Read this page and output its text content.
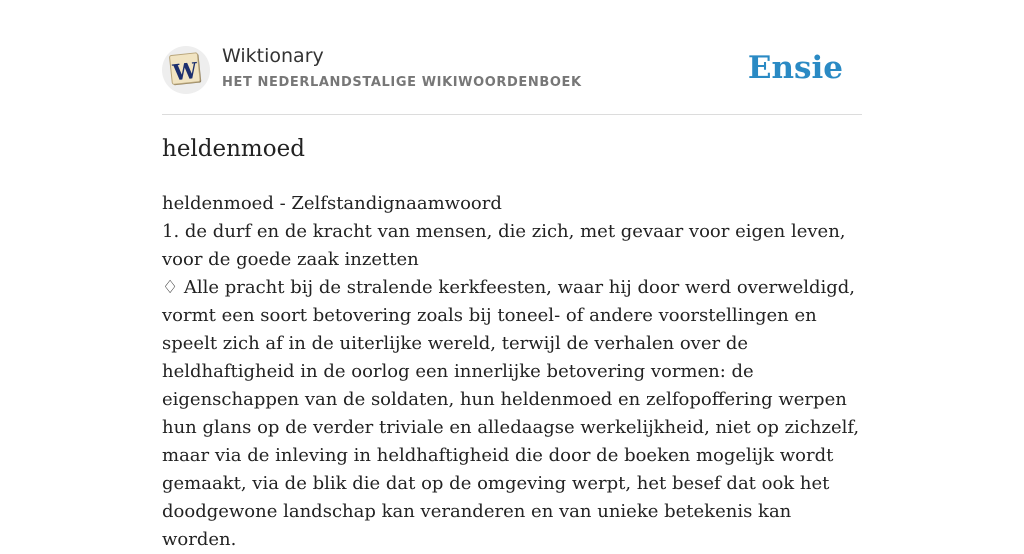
W
Wiktionary
HET NEDERLANDSTALIGE WIKIWOORDENBOEK	Ensie
heldenmoed

heldenmoed - Zelfstandignaamwoord

1. de durf en de kracht van mensen, die zich, met gevaar voor eigen leven, voor de goede zaak inzetten

♢ Alle pracht bij de stralende kerkfeesten, waar hij door werd overweldigd, vormt een soort betovering zoals bij toneel- of andere voorstellingen en speelt zich af in de uiterlijke wereld, terwijl de verhalen over de heldhaftigheid in de oorlog een innerlijke betovering vormen: de eigenschappen van de soldaten, hun heldenmoed en zelfopoffering werpen hun glans op de verder triviale en alledaagse werkelijkheid, niet op zichzelf, maar via de inleving in heldhaftigheid die door de boeken mogelijk wordt gemaakt, via de blik die dat op de omgeving werpt, het besef dat ook het doodgewone landschap kan veranderen en van unieke betekenis kan worden.
